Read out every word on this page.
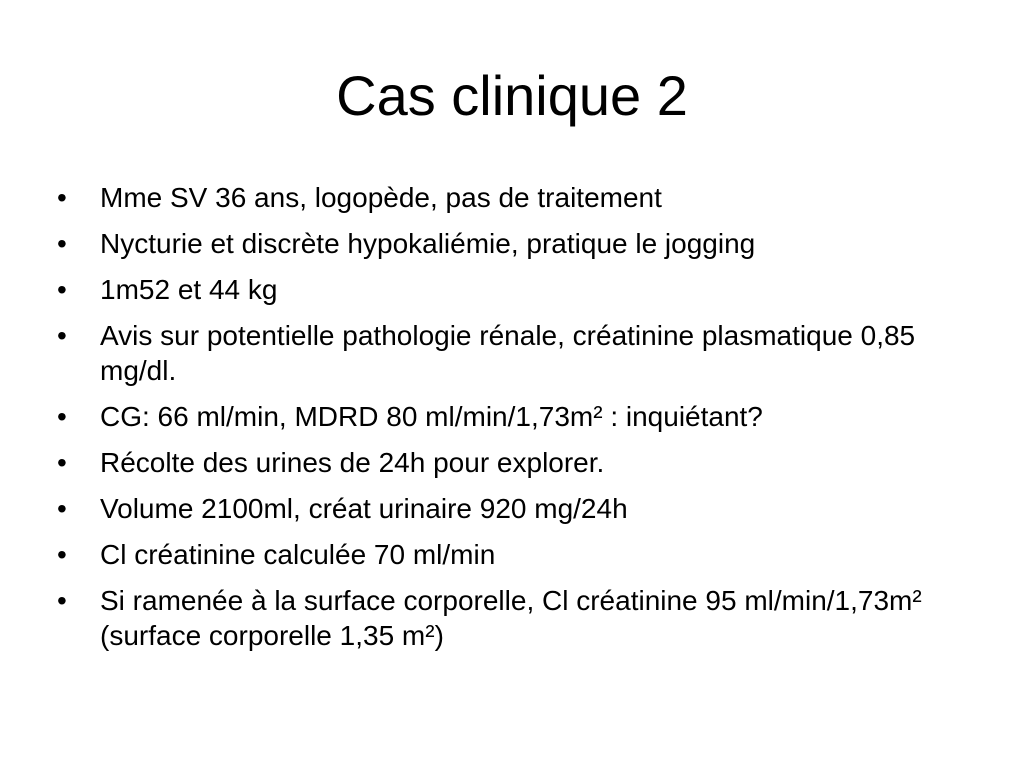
Cas clinique 2
•	Mme SV 36 ans, logopède, pas de traitement
•	Nycturie et discrète hypokaliémie, pratique le jogging
•	1m52 et 44 kg
•	Avis sur potentielle pathologie rénale, créatinine plasmatique 0,85 mg/dl.
•	CG: 66 ml/min, MDRD 80 ml/min/1,73m² : inquiétant?
•	Récolte des urines de 24h pour explorer.
•	Volume 2100ml, créat urinaire 920 mg/24h
•	Cl créatinine calculée 70 ml/min
•	Si ramenée à la surface corporelle, Cl créatinine 95 ml/min/1,73m² (surface corporelle 1,35 m²)
